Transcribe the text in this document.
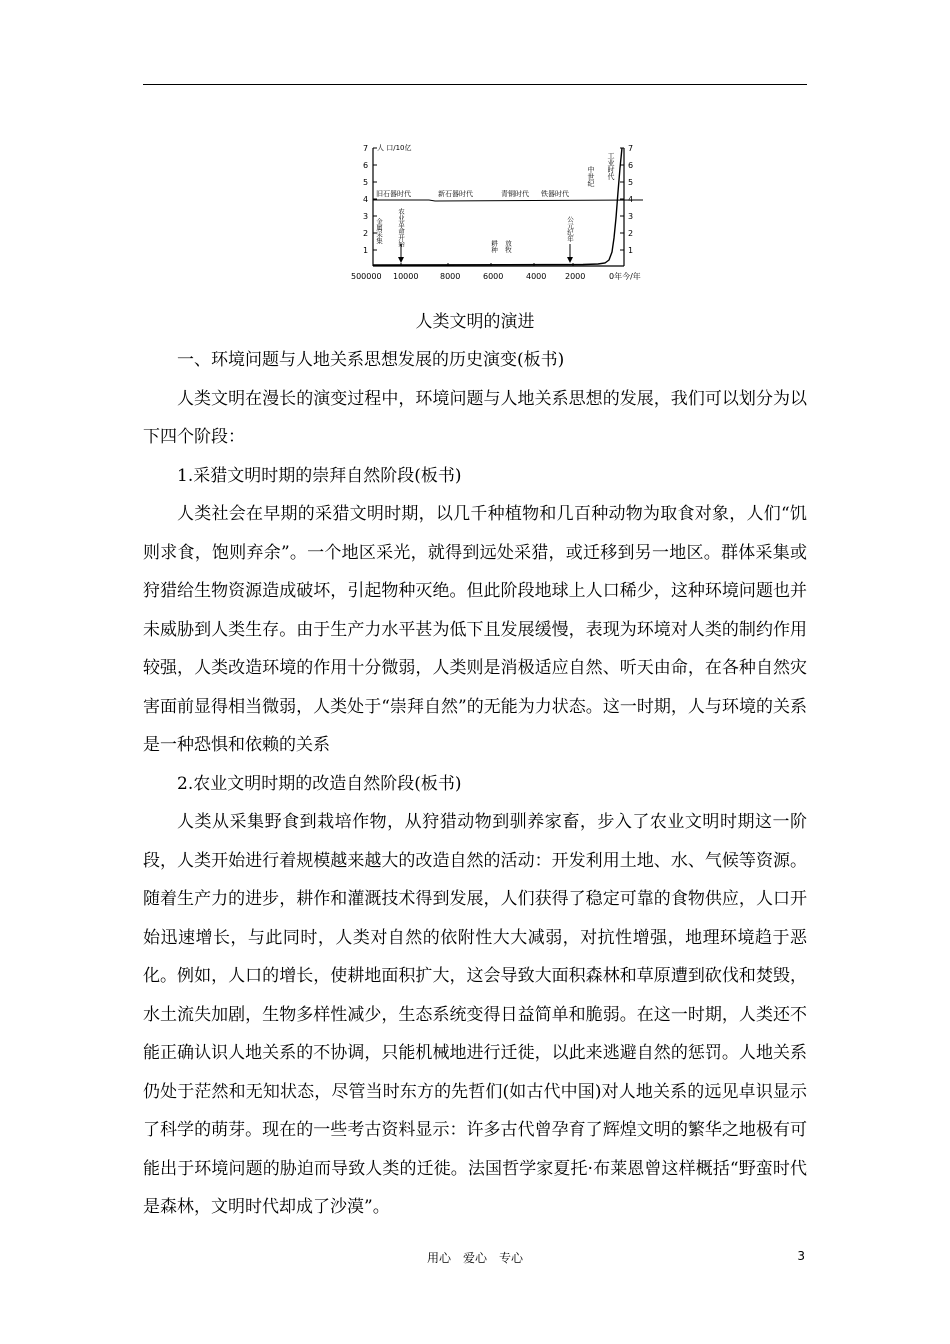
人 口/10亿
7
6
5
4
3
2
1
7
6
5
4
3
2
1
500000 10000	8000	6000	4000 2000	0年今/年
旧石器时代	新石器时代	青铜时代 铁器时代
中世纪 工业时代
金属采集 农业革命开始	耕种 放牧
公元纪年
人类文明的演进

一、环境问题与人地关系思想发展的历史演变(板书)

人类文明在漫长的演变过程中，环境问题与人地关系思想的发展，我们可以划分为以下四个阶段：

1.采猎文明时期的崇拜自然阶段(板书)

人类社会在早期的采猎文明时期，以几千种植物和几百种动物为取食对象，人们“饥则求食，饱则弃余”。一个地区采光，就得到远处采猎，或迁移到另一地区。群体采集或狩猎给生物资源造成破坏，引起物种灭绝。但此阶段地球上人口稀少，这种环境问题也并未威胁到人类生存。由于生产力水平甚为低下且发展缓慢，表现为环境对人类的制约作用较强，人类改造环境的作用十分微弱，人类则是消极适应自然、听天由命，在各种自然灾害面前显得相当微弱，人类处于“崇拜自然”的无能为力状态。这一时期，人与环境的关系是一种恐惧和依赖的关系

2.农业文明时期的改造自然阶段(板书)

人类从采集野食到栽培作物，从狩猎动物到驯养家畜，步入了农业文明时期这一阶段，人类开始进行着规模越来越大的改造自然的活动：开发利用土地、水、气候等资源。随着生产力的进步，耕作和灌溉技术得到发展，人们获得了稳定可靠的食物供应，人口开始迅速增长，与此同时，人类对自然的依附性大大减弱，对抗性增强，地理环境趋于恶化。例如，人口的增长，使耕地面积扩大，这会导致大面积森林和草原遭到砍伐和焚毁，水土流失加剧，生物多样性减少，生态系统变得日益简单和脆弱。在这一时期，人类还不能正确认识人地关系的不协调，只能机械地进行迁徙，以此来逃避自然的惩罚。人地关系仍处于茫然和无知状态，尽管当时东方的先哲们(如古代中国)对人地关系的远见卓识显示了科学的萌芽。现在的一些考古资料显示：许多古代曾孕育了辉煌文明的繁华之地极有可能出于环境问题的胁迫而导致人类的迁徙。法国哲学家夏托·布莱恩曾这样概括“野蛮时代是森林，文明时代却成了沙漠”。

用心　爱心　专心	3
